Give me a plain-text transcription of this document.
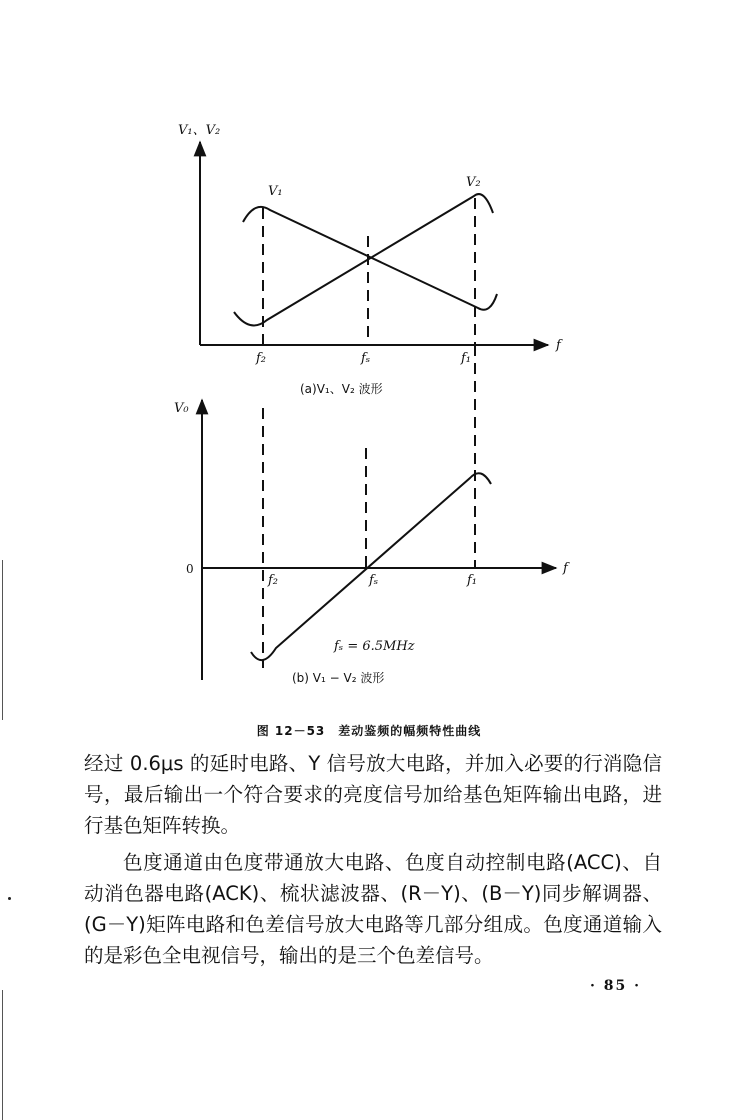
V₁、V₂
V₁
V₂
f
f₂	fₛ	f₁
(a)V₁、V₂ 波形
V₀
0	f
f₂	fₛ	f₁
fₛ = 6.5MHz
(b) V₁ − V₂ 波形
图 12－53　差动鉴频的幅频特性曲线

经过 0.6μs 的延时电路、Y 信号放大电路，并加入必要的行消隐信号，最后输出一个符合要求的亮度信号加给基色矩阵输出电路，进行基色矩阵转换。

色度通道由色度带通放大电路、色度自动控制电路(ACC)、自动消色器电路(ACK)、梳状滤波器、(R－Y)、(B－Y)同步解调器、(G－Y)矩阵电路和色差信号放大电路等几部分组成。色度通道输入的是彩色全电视信号，输出的是三个色差信号。

· 85 ·
